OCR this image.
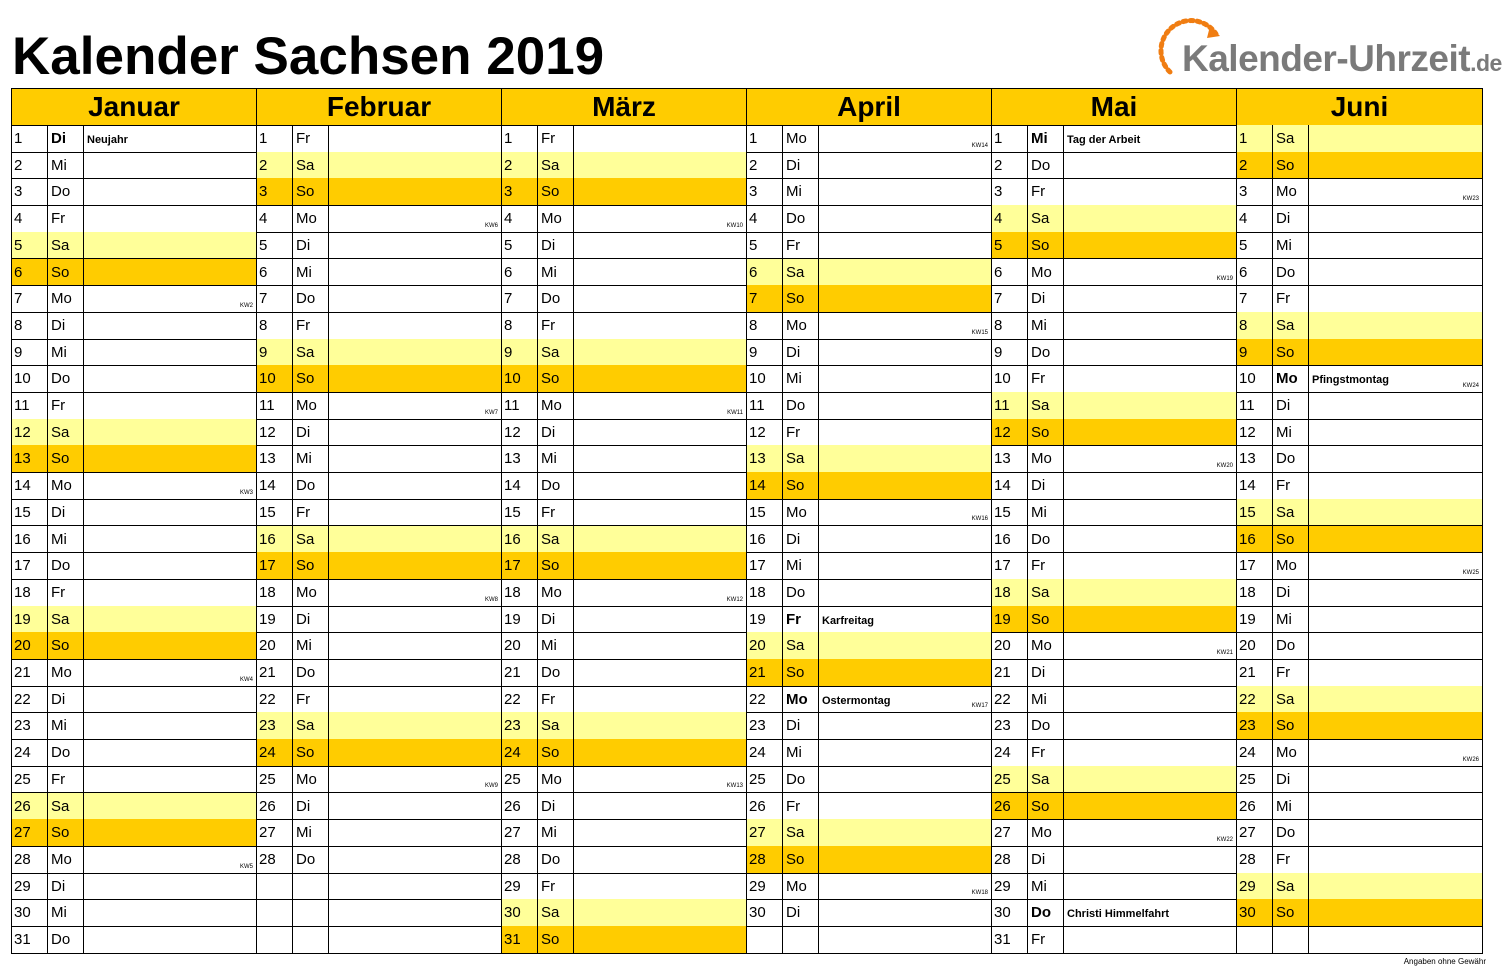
Kalender Sachsen 2019	Kalender-Uhrzeit.de
Januar
1	Di	Neujahr
2	Mi
3	Do
4	Fr
5	Sa
6	So
7	Mo	KW2
8	Di
9	Mi
10	Do
11	Fr
12	Sa
13	So
14	Mo	KW3
15	Di
16	Mi
17	Do
18	Fr
19	Sa
20	So
21	Mo	KW4
22	Di
23	Mi
24	Do
25	Fr
26	Sa
27	So
28	Mo	KW5
29	Di
30	Mi
31	Do
Februar
1	Fr
2	Sa
3	So
4	Mo	KW6
5	Di
6	Mi
7	Do
8	Fr
9	Sa
10	So
11	Mo	KW7
12	Di
13	Mi
14	Do
15	Fr
16	Sa
17	So
18	Mo	KW8
19	Di
20	Mi
21	Do
22	Fr
23	Sa
24	So
25	Mo	KW9
26	Di
27	Mi
28	Do
März
1	Fr
2	Sa
3	So
4	Mo	KW10
5	Di
6	Mi
7	Do
8	Fr
9	Sa
10	So
11	Mo	KW11
12	Di
13	Mi
14	Do
15	Fr
16	Sa
17	So
18	Mo	KW12
19	Di
20	Mi
21	Do
22	Fr
23	Sa
24	So
25	Mo	KW13
26	Di
27	Mi
28	Do
29	Fr
30	Sa
31	So
April
1	Mo	KW14
2	Di
3	Mi
4	Do
5	Fr
6	Sa
7	So
8	Mo	KW15
9	Di
10	Mi
11	Do
12	Fr
13	Sa
14	So
15	Mo	KW16
16	Di
17	Mi
18	Do
19	Fr	Karfreitag
20	Sa
21	So
22	Mo	Ostermontag	KW17
23	Di
24	Mi
25	Do
26	Fr
27	Sa
28	So
29	Mo	KW18
30	Di
Mai
1	Mi	Tag der Arbeit
2	Do
3	Fr
4	Sa
5	So
6	Mo	KW19
7	Di
8	Mi
9	Do
10	Fr
11	Sa
12	So
13	Mo	KW20
14	Di
15	Mi
16	Do
17	Fr
18	Sa
19	So
20	Mo	KW21
21	Di
22	Mi
23	Do
24	Fr
25	Sa
26	So
27	Mo	KW22
28	Di
29	Mi
30	Do	Christi Himmelfahrt
31	Fr
Juni
1	Sa
2	So
3	Mo	KW23
4	Di
5	Mi
6	Do
7	Fr
8	Sa
9	So
10	Mo	Pfingstmontag	KW24
11	Di
12	Mi
13	Do
14	Fr
15	Sa
16	So
17	Mo	KW25
18	Di
19	Mi
20	Do
21	Fr
22	Sa
23	So
24	Mo	KW26
25	Di
26	Mi
27	Do
28	Fr
29	Sa
30	So
Angaben ohne Gewähr
